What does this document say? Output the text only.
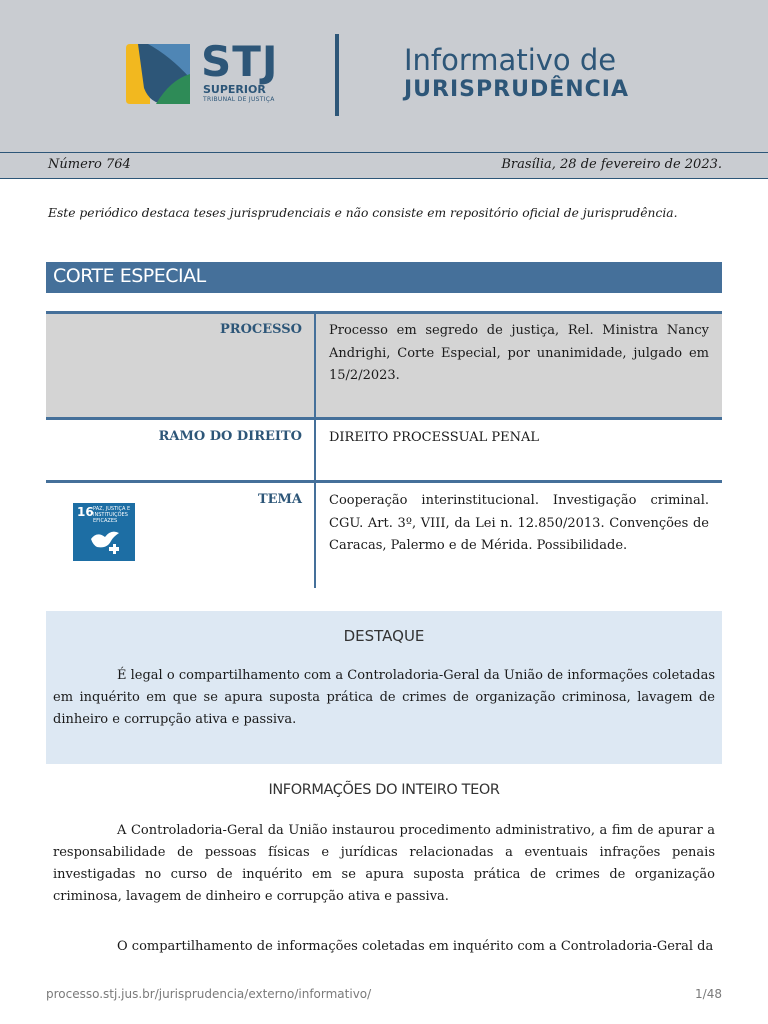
STJ
SUPERIOR
TRIBUNAL DE JUSTIÇA
Informativo de
JURISPRUDÊNCIA
Número 764	Brasília, 28 de fevereiro de 2023.
Este periódico destaca teses jurisprudenciais e não consiste em repositório oficial de jurisprudência.
CORTE ESPECIAL
PROCESSO	Processo em segredo de justiça, Rel. Ministra Nancy Andrighi, Corte Especial, por unanimidade, julgado em 15/2/2023.
RAMO DO DIREITO	DIREITO PROCESSUAL PENAL
16 PAZ, JUSTIÇA E INSTITUIÇÕES EFICAZES
TEMA	Cooperação interinstitucional. Investigação criminal. CGU. Art. 3º, VIII, da Lei n. 12.850/2013. Convenções de Caracas, Palermo e de Mérida. Possibilidade.
DESTAQUE

É legal o compartilhamento com a Controladoria-Geral da União de informações coletadas em inquérito em que se apura suposta prática de crimes de organização criminosa, lavagem de dinheiro e corrupção ativa e passiva.

INFORMAÇÕES DO INTEIRO TEOR

A Controladoria-Geral da União instaurou procedimento administrativo, a fim de apurar a responsabilidade de pessoas físicas e jurídicas relacionadas a eventuais infrações penais investigadas no curso de inquérito em se apura suposta prática de crimes de organização criminosa, lavagem de dinheiro e corrupção ativa e passiva.

O compartilhamento de informações coletadas em inquérito com a Controladoria-Geral da

processo.stj.jus.br/jurisprudencia/externo/informativo/	1/48
